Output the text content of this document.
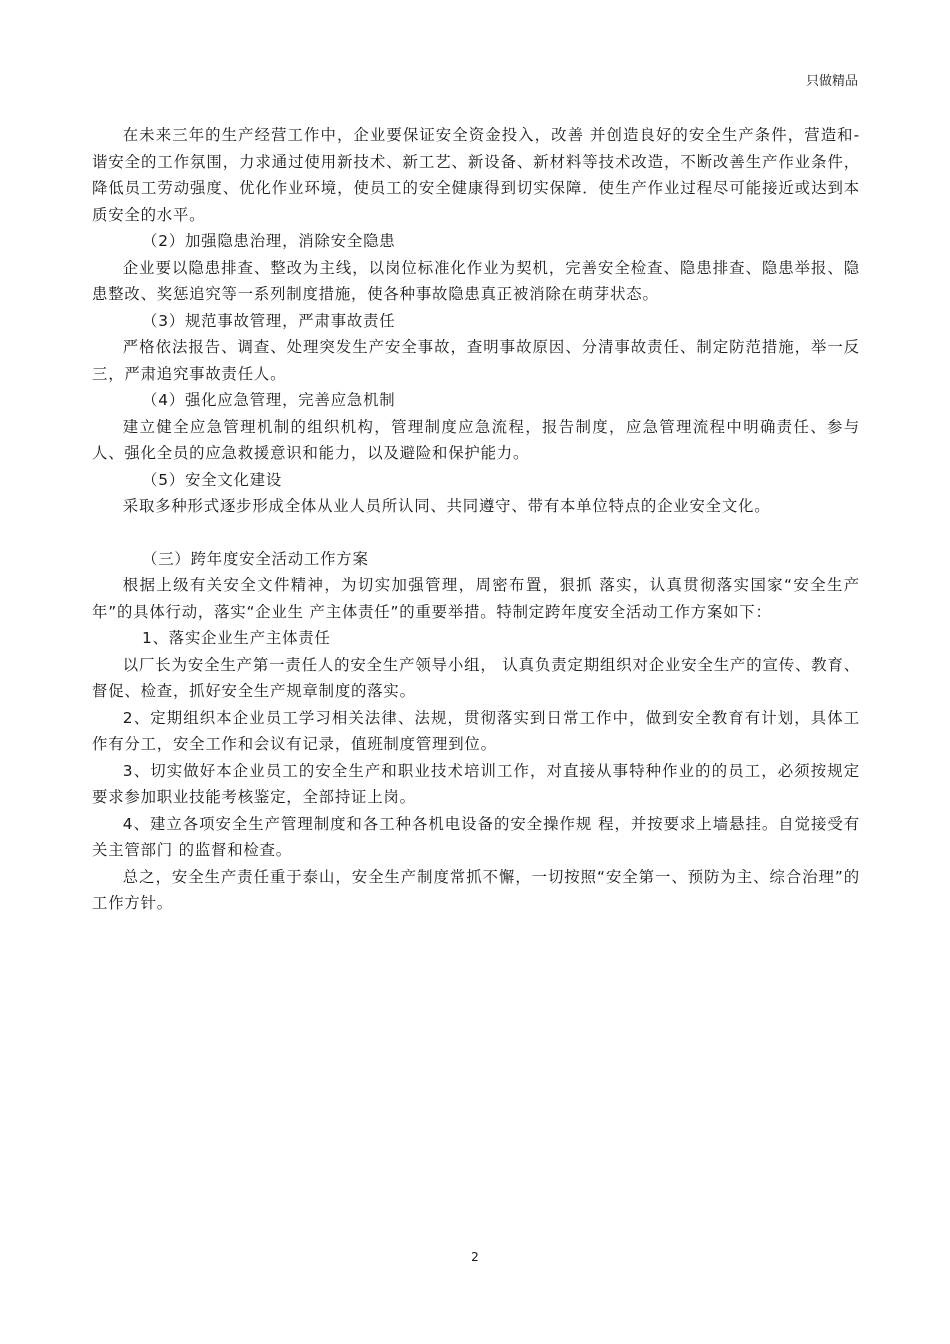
只做精品

在未来三年的生产经营工作中，企业要保证安全资金投入，改善 并创造良好的安全生产条件，营造和-谐安全的工作氛围，力求通过使用新技术、新工艺、新设备、新材料等技术改造，不断改善生产作业条件，降低员工劳动强度、优化作业环境，使员工的安全健康得到切实保障．使生产作业过程尽可能接近或达到本质安全的水平。

（2）加强隐患治理，消除安全隐患

企业要以隐患排查、整改为主线，以岗位标准化作业为契机，完善安全检查、隐患排查、隐患举报、隐患整改、奖惩追究等一系列制度措施，使各种事故隐患真正被消除在萌芽状态。

（3）规范事故管理，严肃事故责任

严格依法报告、调查、处理突发生产安全事故，查明事故原因、分清事故责任、制定防范措施，举一反三，严肃追究事故责任人。

（4）强化应急管理，完善应急机制

建立健全应急管理机制的组织机构，管理制度应急流程，报告制度，应急管理流程中明确责任、参与人、强化全员的应急救援意识和能力，以及避险和保护能力。

（5）安全文化建设

采取多种形式逐步形成全体从业人员所认同、共同遵守、带有本单位特点的企业安全文化。

（三）跨年度安全活动工作方案

根据上级有关安全文件精神，为切实加强管理，周密布置，狠抓 落实，认真贯彻落实国家“安全生产年”的具体行动，落实“企业生 产主体责任”的重要举措。特制定跨年度安全活动工作方案如下：

1、落实企业生产主体责任

以厂长为安全生产第一责任人的安全生产领导小组， 认真负责定期组织对企业安全生产的宣传、教育、督促、检查，抓好安全生产规章制度的落实。

2、定期组织本企业员工学习相关法律、法规，贯彻落实到日常工作中，做到安全教育有计划，具体工作有分工，安全工作和会议有记录，值班制度管理到位。

3、切实做好本企业员工的安全生产和职业技术培训工作，对直接从事特种作业的的员工，必须按规定要求参加职业技能考核鉴定，全部持证上岗。

4、建立各项安全生产管理制度和各工种各机电设备的安全操作规 程，并按要求上墙悬挂。自觉接受有关主管部门 的监督和检查。

总之，安全生产责任重于泰山，安全生产制度常抓不懈，一切按照“安全第一、预防为主、综合治理”的工作方针。

2
